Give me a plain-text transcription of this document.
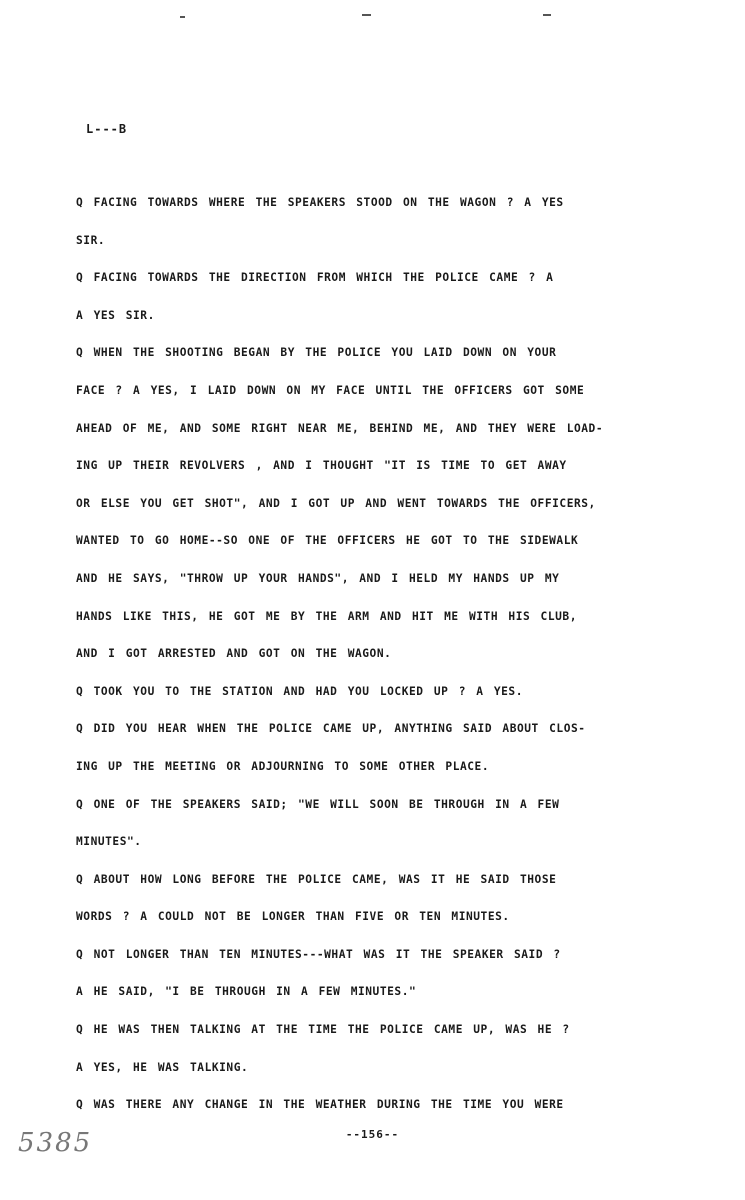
L---B
Q FACING TOWARDS WHERE THE SPEAKERS STOOD ON THE WAGON ? A YES
SIR.
Q FACING TOWARDS THE DIRECTION FROM WHICH THE POLICE CAME ? A
A YES SIR.
Q WHEN THE SHOOTING BEGAN BY THE POLICE YOU LAID DOWN ON YOUR
FACE ? A YES, I LAID DOWN ON MY FACE UNTIL THE OFFICERS GOT SOME
AHEAD OF ME, AND SOME RIGHT NEAR ME, BEHIND ME, AND THEY WERE LOAD-
ING UP THEIR REVOLVERS , AND I THOUGHT "IT IS TIME TO GET AWAY
OR ELSE YOU GET SHOT", AND I GOT UP AND WENT TOWARDS THE OFFICERS,
WANTED TO GO HOME--SO ONE OF THE OFFICERS HE GOT TO THE SIDEWALK
AND HE SAYS, "THROW UP YOUR HANDS", AND I HELD MY HANDS UP MY
HANDS LIKE THIS, HE GOT ME BY THE ARM AND HIT ME WITH HIS CLUB,
AND I GOT ARRESTED AND GOT ON THE WAGON.
Q TOOK YOU TO THE STATION AND HAD YOU LOCKED UP ? A YES.
Q DID YOU HEAR WHEN THE POLICE CAME UP, ANYTHING SAID ABOUT CLOS-
ING UP THE MEETING OR ADJOURNING TO SOME OTHER PLACE.
Q ONE OF THE SPEAKERS SAID; "WE WILL SOON BE THROUGH IN A FEW
MINUTES".
Q ABOUT HOW LONG BEFORE THE POLICE CAME, WAS IT HE SAID THOSE
WORDS ? A COULD NOT BE LONGER THAN FIVE OR TEN MINUTES.
Q NOT LONGER THAN TEN MINUTES---WHAT WAS IT THE SPEAKER SAID ?
A HE SAID, "I BE THROUGH IN A FEW MINUTES."
Q HE WAS THEN TALKING AT THE TIME THE POLICE CAME UP, WAS HE ?
A YES, HE WAS TALKING.
Q WAS THERE ANY CHANGE IN THE WEATHER DURING THE TIME YOU WERE
5385	--156--
